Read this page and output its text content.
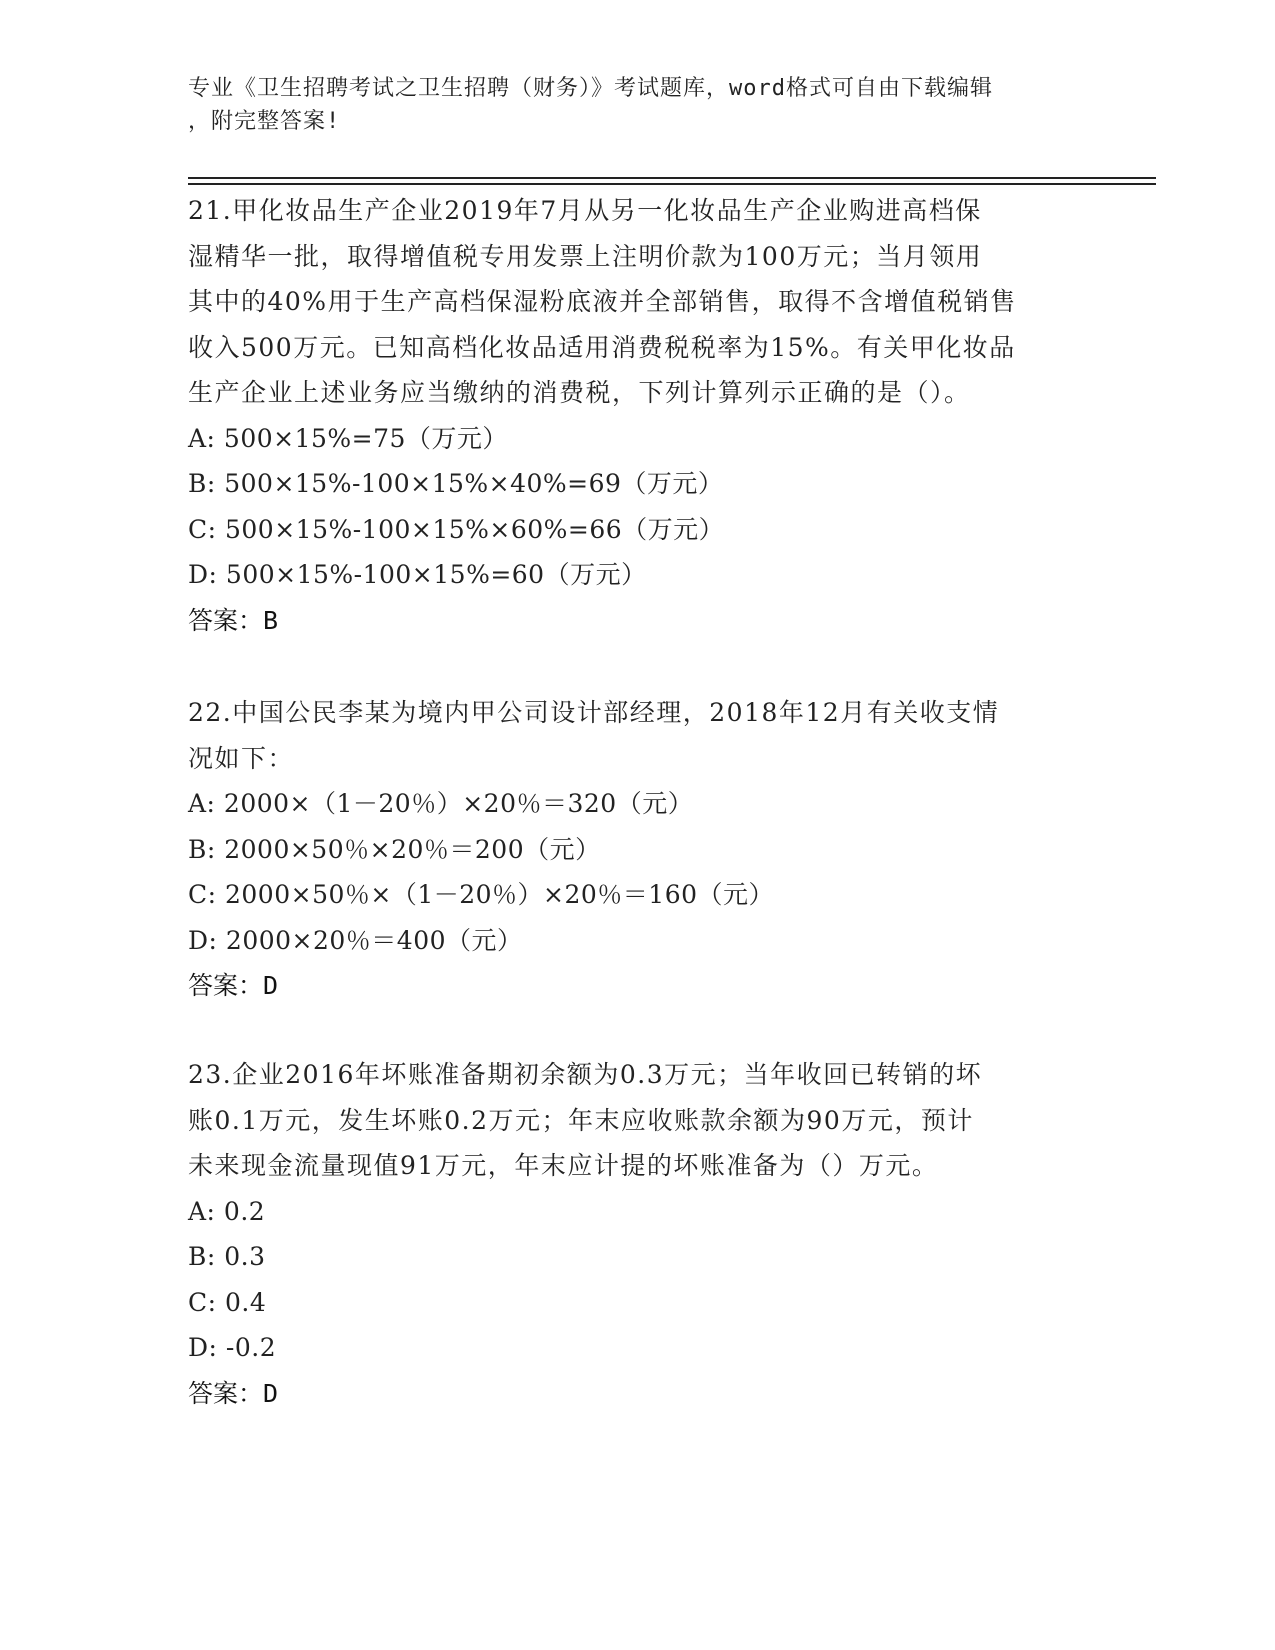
专业《卫生招聘考试之卫生招聘（财务）》考试题库，word格式可自由下载编辑
，附完整答案!
21.甲化妆品生产企业2019年7月从另一化妆品生产企业购进高档保
湿精华一批，取得增值税专用发票上注明价款为100万元；当月领用
其中的40%用于生产高档保湿粉底液并全部销售，取得不含增值税销售
收入500万元。已知高档化妆品适用消费税税率为15%。有关甲化妆品
生产企业上述业务应当缴纳的消费税，下列计算列示正确的是（）。
A: 500×15%=75（万元）
B: 500×15%-100×15%×40%=69（万元）
C: 500×15%-100×15%×60%=66（万元）
D: 500×15%-100×15%=60（万元）
答案：B
22.中国公民李某为境内甲公司设计部经理，2018年12月有关收支情
况如下：
A: 2000×（1－20％）×20％＝320（元）
B: 2000×50％×20％＝200（元）
C: 2000×50％×（1－20％）×20％＝160（元）
D: 2000×20％＝400（元）
答案：D
23.企业2016年坏账准备期初余额为0.3万元；当年收回已转销的坏
账0.1万元，发生坏账0.2万元；年末应收账款余额为90万元，预计
未来现金流量现值91万元，年末应计提的坏账准备为（）万元。
A: 0.2
B: 0.3
C: 0.4
D: -0.2
答案：D
